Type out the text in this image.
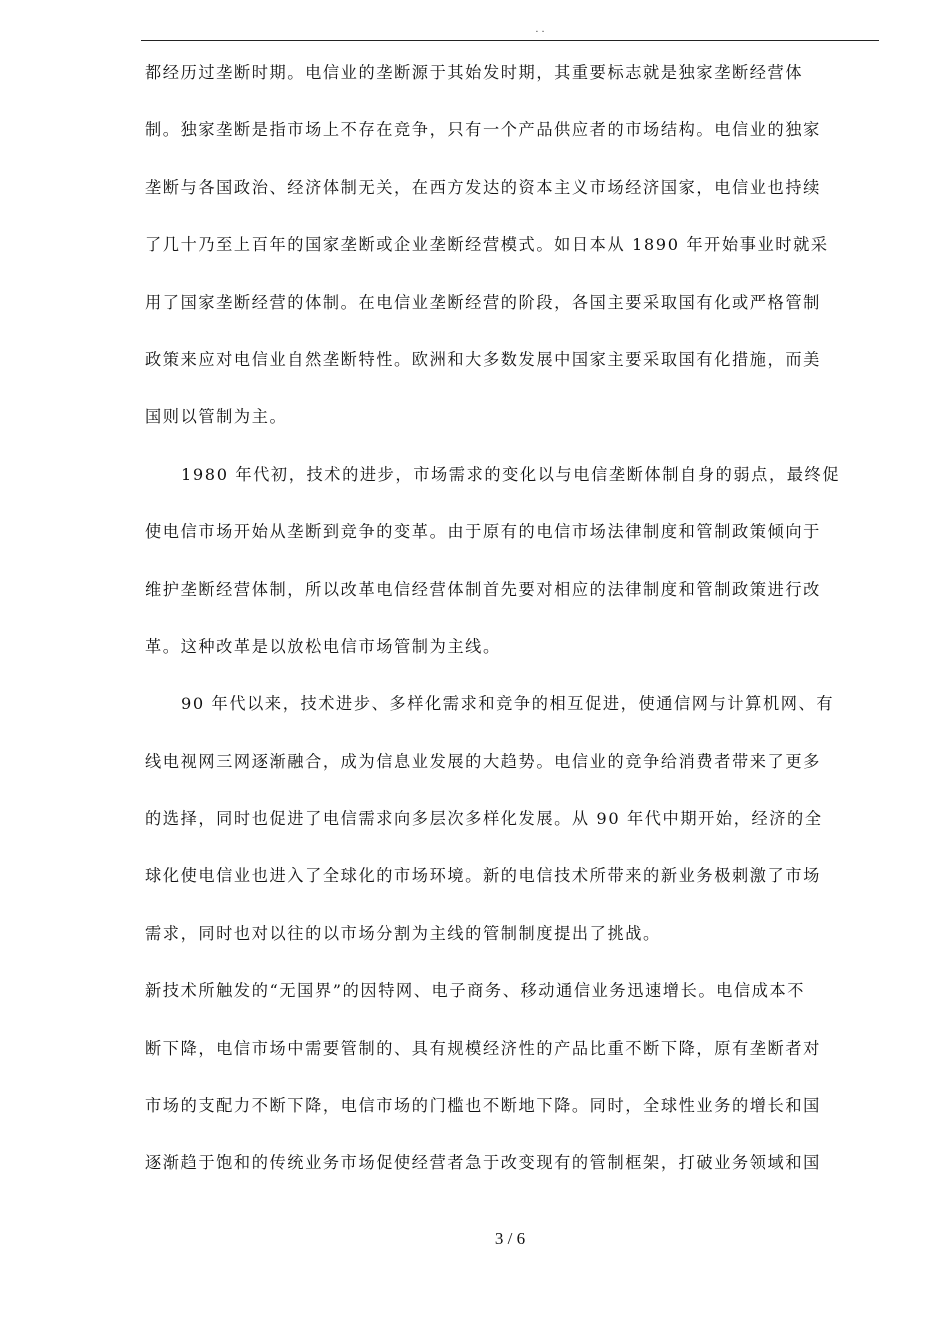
. .
都经历过垄断时期。电信业的垄断源于其始发时期，其重要标志就是独家垄断经营体
制。独家垄断是指市场上不存在竞争，只有一个产品供应者的市场结构。电信业的独家
垄断与各国政治、经济体制无关，在西方发达的资本主义市场经济国家，电信业也持续
了几十乃至上百年的国家垄断或企业垄断经营模式。如日本从 1890 年开始事业时就采
用了国家垄断经营的体制。在电信业垄断经营的阶段，各国主要采取国有化或严格管制
政策来应对电信业自然垄断特性。欧洲和大多数发展中国家主要采取国有化措施，而美
国则以管制为主。
1980 年代初，技术的进步，市场需求的变化以与电信垄断体制自身的弱点，最终促
使电信市场开始从垄断到竞争的变革。由于原有的电信市场法律制度和管制政策倾向于
维护垄断经营体制，所以改革电信经营体制首先要对相应的法律制度和管制政策进行改
革。这种改革是以放松电信市场管制为主线。
90 年代以来，技术进步、多样化需求和竞争的相互促进，使通信网与计算机网、有
线电视网三网逐渐融合，成为信息业发展的大趋势。电信业的竞争给消费者带来了更多
的选择，同时也促进了电信需求向多层次多样化发展。从 90 年代中期开始，经济的全
球化使电信业也进入了全球化的市场环境。新的电信技术所带来的新业务极刺激了市场
需求，同时也对以往的以市场分割为主线的管制制度提出了挑战。
新技术所触发的“无国界”的因特网、电子商务、移动通信业务迅速增长。电信成本不
断下降，电信市场中需要管制的、具有规模经济性的产品比重不断下降，原有垄断者对
市场的支配力不断下降，电信市场的门槛也不断地下降。同时，全球性业务的增长和国
逐渐趋于饱和的传统业务市场促使经营者急于改变现有的管制框架，打破业务领域和国
3 / 6
